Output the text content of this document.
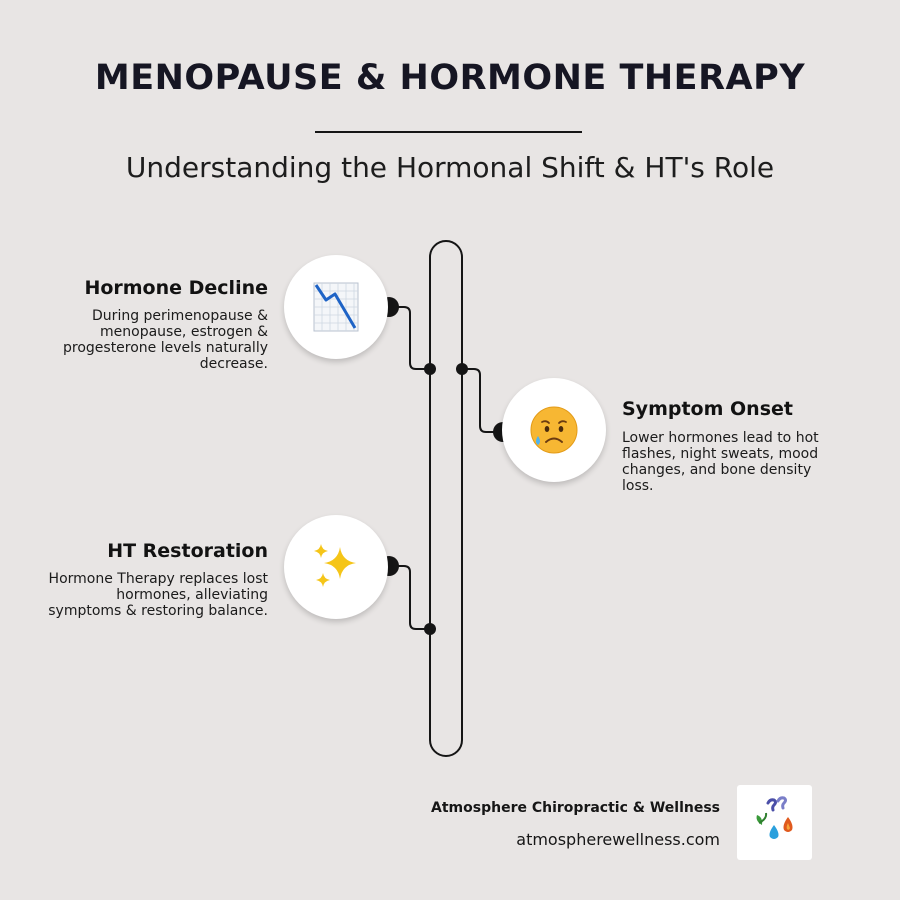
MENOPAUSE & HORMONE THERAPY
Understanding the Hormonal Shift & HT's Role
Hormone Decline
During perimenopause & menopause, estrogen & progesterone levels naturally decrease.
Symptom Onset
Lower hormones lead to hot flashes, night sweats, mood changes, and bone density loss.
HT Restoration
Hormone Therapy replaces lost hormones, alleviating symptoms & restoring balance.
Atmosphere Chiropractic & Wellness
atmospherewellness.com
